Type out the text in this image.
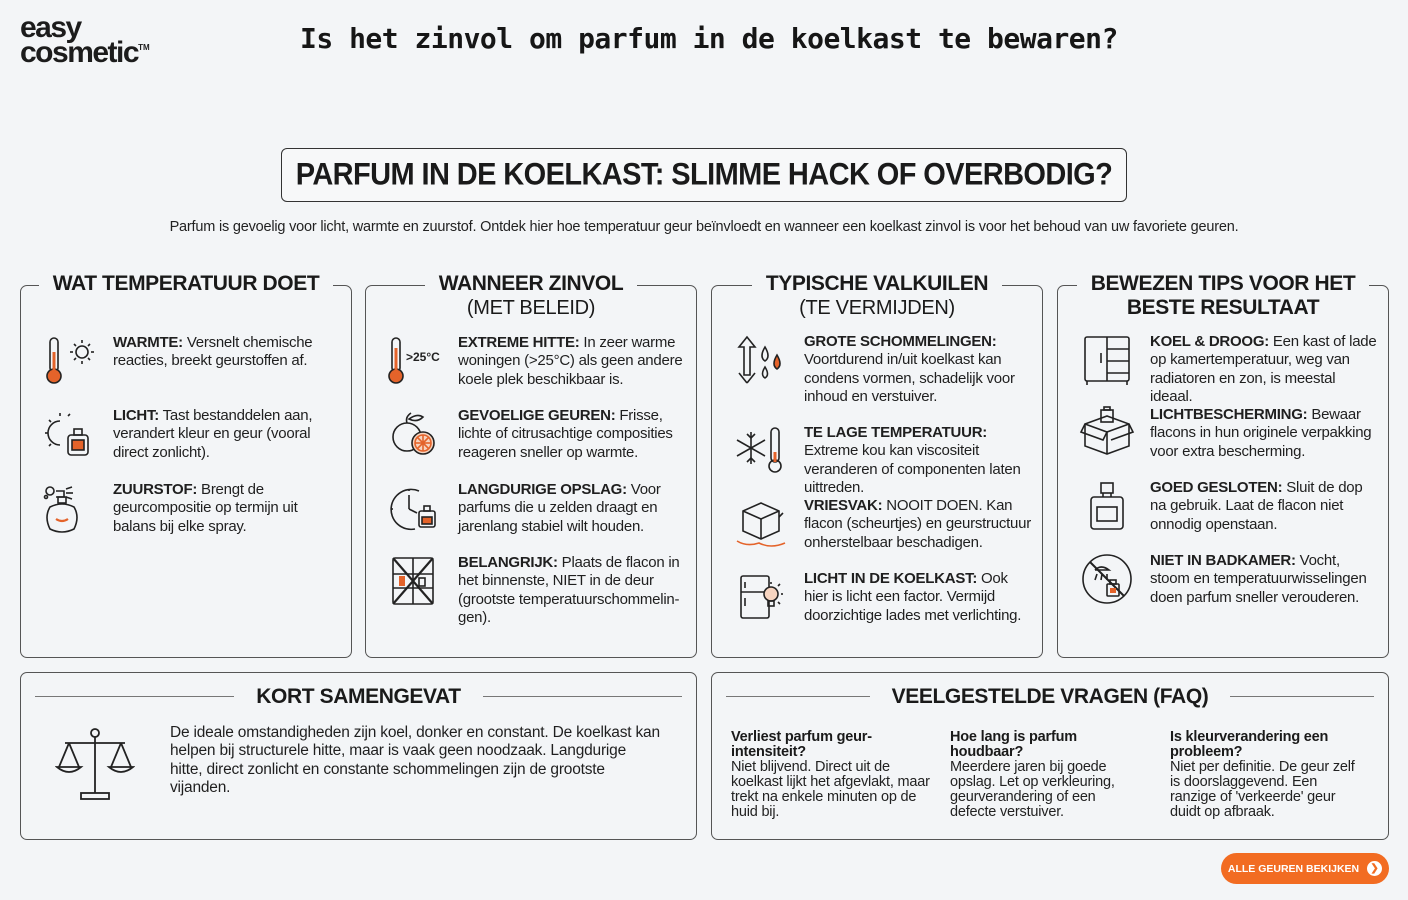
easy
cosmetic™	Is het zinvol om parfum in de koelkast te bewaren?
PARFUM IN DE KOELKAST: SLIMME HACK OF OVERBODIG?
Parfum is gevoelig voor licht, warmte en zuurstof. Ontdek hier hoe temperatuur geur beïnvloedt en wanneer een koelkast zinvol is voor het behoud van uw favoriete geuren.
WAT TEMPERATUUR DOET
WARMTE: Versnelt chemische reacties, breekt geurstoffen af.
LICHT: Tast bestanddelen aan, verandert kleur en geur (vooral direct zonlicht).
ZUURSTOF: Brengt de geurcompositie op termijn uit balans bij elke spray.
WANNEER ZINVOL
(MET BELEID)
>25°C
EXTREME HITTE: In zeer warme woningen (>25°C) als geen andere koele plek beschikbaar is.
GEVOELIGE GEUREN: Frisse, lichte of citrusachtige composities reageren sneller op warmte.
LANGDURIGE OPSLAG: Voor parfums die u zelden draagt en jarenlang stabiel wilt houden.
BELANGRIJK: Plaats de flacon in het binnenste, NIET in de deur (grootste temperatuurschommelin-gen).
TYPISCHE VALKUILEN
(TE VERMIJDEN)
GROTE SCHOMMELINGEN: Voortdurend in/uit koelkast kan condens vormen, schadelijk voor inhoud en verstuiver.
TE LAGE TEMPERATUUR: Extreme kou kan viscositeit veranderen of componenten laten uittreden.
VRIESVAK: NOOIT DOEN. Kan flacon (scheurtjes) en geurstructuur onherstelbaar beschadigen.
LICHT IN DE KOELKAST: Ook hier is licht een factor. Vermijd doorzichtige lades met verlichting.
BEWEZEN TIPS VOOR HET
BESTE RESULTAAT
KOEL & DROOG: Een kast of lade op kamertemperatuur, weg van radiatoren en zon, is meestal ideaal.
LICHTBESCHERMING: Bewaar flacons in hun originele verpakking voor extra bescherming.
GOED GESLOTEN: Sluit de dop na gebruik. Laat de flacon niet onnodig openstaan.
NIET IN BADKAMER: Vocht, stoom en temperatuurwisselingen doen parfum sneller verouderen.
KORT SAMENGEVAT
De ideale omstandigheden zijn koel, donker en constant. De koelkast kan helpen bij structurele hitte, maar is vaak geen noodzaak. Langdurige hitte, direct zonlicht en constante schommelingen zijn de grootste vijanden.
VEELGESTELDE VRAGEN (FAQ)
Verliest parfum geur-intensiteit?
Niet blijvend. Direct uit de koelkast lijkt het afgevlakt, maar trekt na enkele minuten op de huid bij.
Hoe lang is parfum houdbaar?
Meerdere jaren bij goede opslag. Let op verkleuring, geurverandering of een defecte verstuiver.
Is kleurverandering een probleem?
Niet per definitie. De geur zelf is doorslaggevend. Een ranzige of 'verkeerde' geur duidt op afbraak.
ALLE GEUREN BEKIJKEN	❯
